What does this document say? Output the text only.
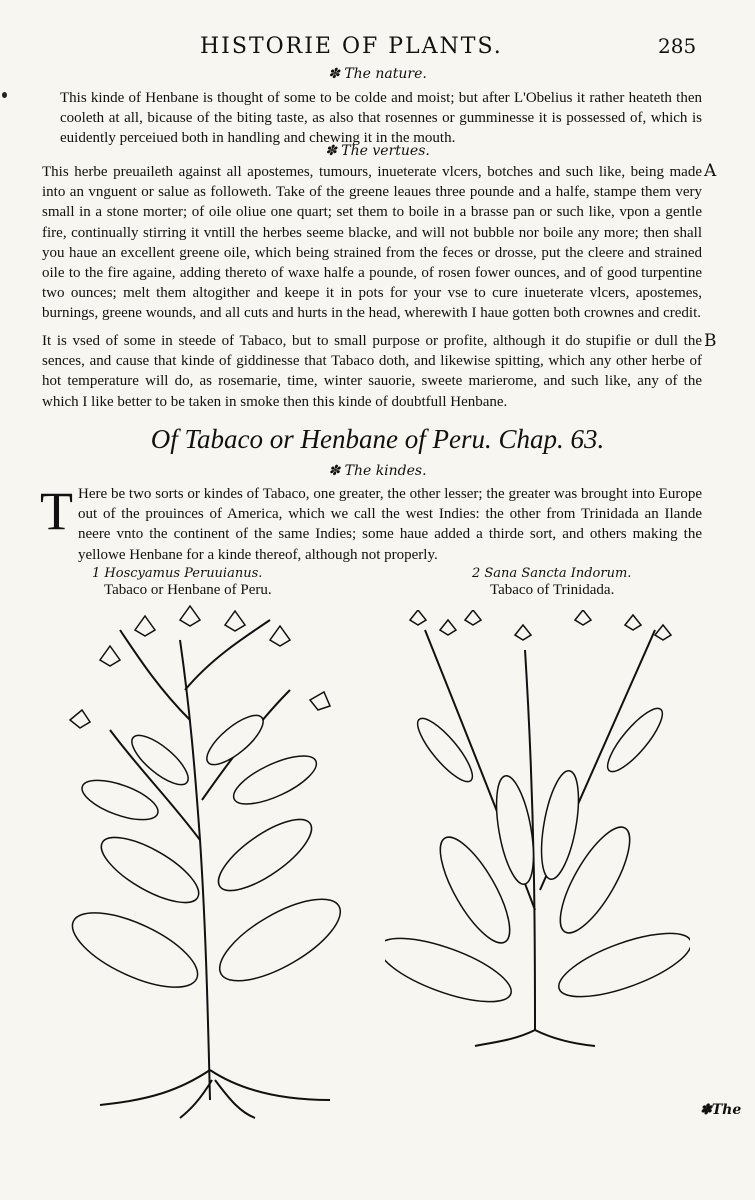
HISTORIE OF PLANTS.	285
✽ The nature.
This kinde of Henbane is thought of some to be colde and moist; but after L'Obelius it rather heateth then cooleth at all, bicause of the biting taste, as also that rosennes or gumminesse it is possessed of, which is euidently perceiued both in handling and chewing it in the mouth.
✽ The vertues.
This herbe preuaileth against all apostemes, tumours, inueterate vlcers, botches and such like, being made into an vnguent or salue as followeth. Take of the greene leaues three pounde and a halfe, stampe them very small in a stone morter; of oile oliue one quart; set them to boile in a brasse pan or such like, vpon a gentle fire, continually stirring it vntill the herbes seeme blacke, and will not bubble nor boile any more; then shall you haue an excellent greene oile, which being strained from the feces or drosse, put the cleere and strained oile to the fire againe, adding thereto of waxe halfe a pounde, of rosen fower ounces, and of good turpentine two ounces; melt them altogither and keepe it in pots for your vse to cure inueterate vlcers, apostemes, burnings, greene wounds, and all cuts and hurts in the head, wherewith I haue gotten both crownes and credit.
A
It is vsed of some in steede of Tabaco, but to small purpose or profite, although it do stupifie or dull the sences, and cause that kinde of giddinesse that Tabaco doth, and likewise spitting, which any other herbe of hot temperature will do, as rosemarie, time, winter sauorie, sweete marierome, and such like, any of the which I like better to be taken in smoke then this kinde of doubtfull Henbane.
B
Of Tabaco or Henbane of Peru. Chap. 63.
✽ The kindes.
T Here be two sorts or kindes of Tabaco, one greater, the other lesser; the greater was brought into Europe out of the prouinces of America, which we call the west Indies: the other from Trinidada an Ilande neere vnto the continent of the same Indies; some haue added a thirde sort, and others making the yellowe Henbane for a kinde thereof, although not properly.
1 Hoscyamus Peruuianus.
Tabaco or Henbane of Peru.
2 Sana Sancta Indorum.
Tabaco of Trinidada.
✽The
